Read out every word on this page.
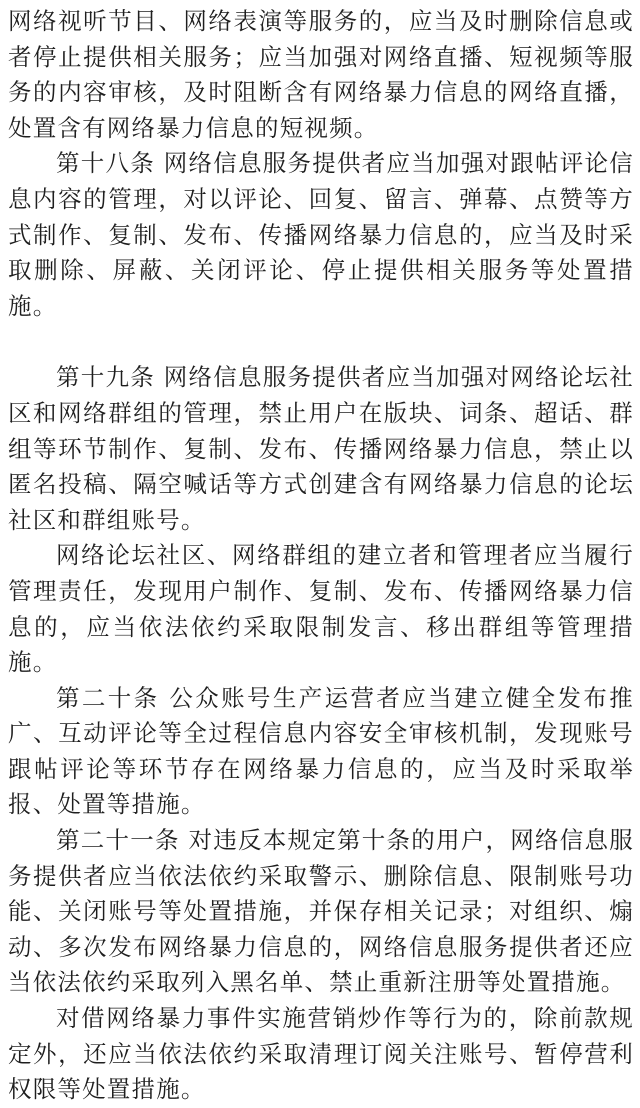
网络视听节目、网络表演等服务的，应当及时删除信息或者停止提供相关服务；应当加强对网络直播、短视频等服务的内容审核，及时阻断含有网络暴力信息的网络直播，处置含有网络暴力信息的短视频。

第十八条 网络信息服务提供者应当加强对跟帖评论信息内容的管理，对以评论、回复、留言、弹幕、点赞等方式制作、复制、发布、传播网络暴力信息的，应当及时采取删除、屏蔽、关闭评论、停止提供相关服务等处置措施。

第十九条 网络信息服务提供者应当加强对网络论坛社区和网络群组的管理，禁止用户在版块、词条、超话、群组等环节制作、复制、发布、传播网络暴力信息，禁止以匿名投稿、隔空喊话等方式创建含有网络暴力信息的论坛社区和群组账号。

网络论坛社区、网络群组的建立者和管理者应当履行管理责任，发现用户制作、复制、发布、传播网络暴力信息的，应当依法依约采取限制发言、移出群组等管理措施。

第二十条 公众账号生产运营者应当建立健全发布推广、互动评论等全过程信息内容安全审核机制，发现账号跟帖评论等环节存在网络暴力信息的，应当及时采取举报、处置等措施。

第二十一条 对违反本规定第十条的用户，网络信息服务提供者应当依法依约采取警示、删除信息、限制账号功能、关闭账号等处置措施，并保存相关记录；对组织、煽动、多次发布网络暴力信息的，网络信息服务提供者还应当依法依约采取列入黑名单、禁止重新注册等处置措施。

对借网络暴力事件实施营销炒作等行为的，除前款规定外，还应当依法依约采取清理订阅关注账号、暂停营利权限等处置措施。
